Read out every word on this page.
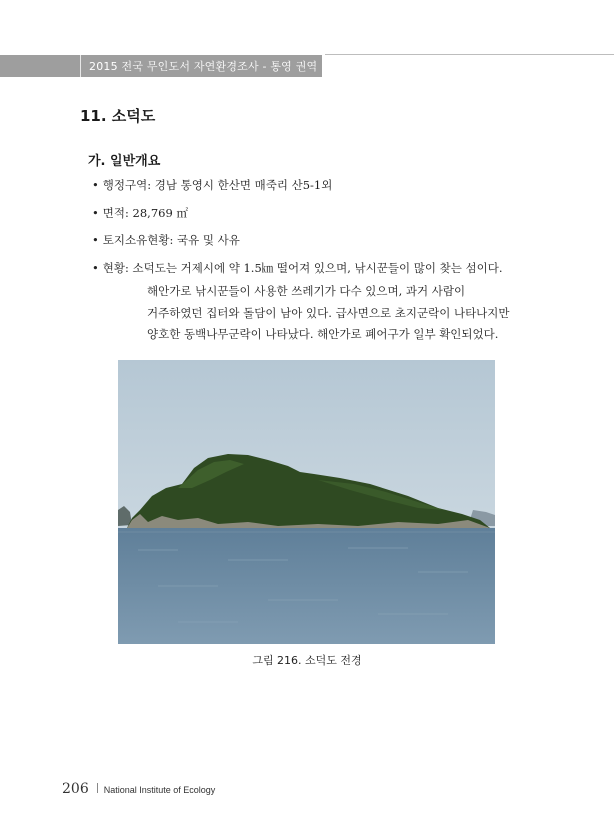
2015 전국 무인도서 자연환경조사 - 통영 권역
11. 소덕도
가. 일반개요
• 행정구역: 경남 통영시 한산면 매죽리 산5-1외
• 면적: 28,769 ㎡
• 토지소유현황: 국유 및 사유
• 현황: 소덕도는 거제시에 약 1.5㎞ 떨어져 있으며, 낚시꾼들이 많이 찾는 섬이다.
해안가로 낚시꾼들이 사용한 쓰레기가 다수 있으며, 과거 사람이
거주하였던 집터와 돌담이 남아 있다. 급사면으로 초지군락이 나타나지만
양호한 동백나무군락이 나타났다. 해안가로 폐어구가 일부 확인되었다.
그림 216. 소덕도 전경
206 National Institute of Ecology
